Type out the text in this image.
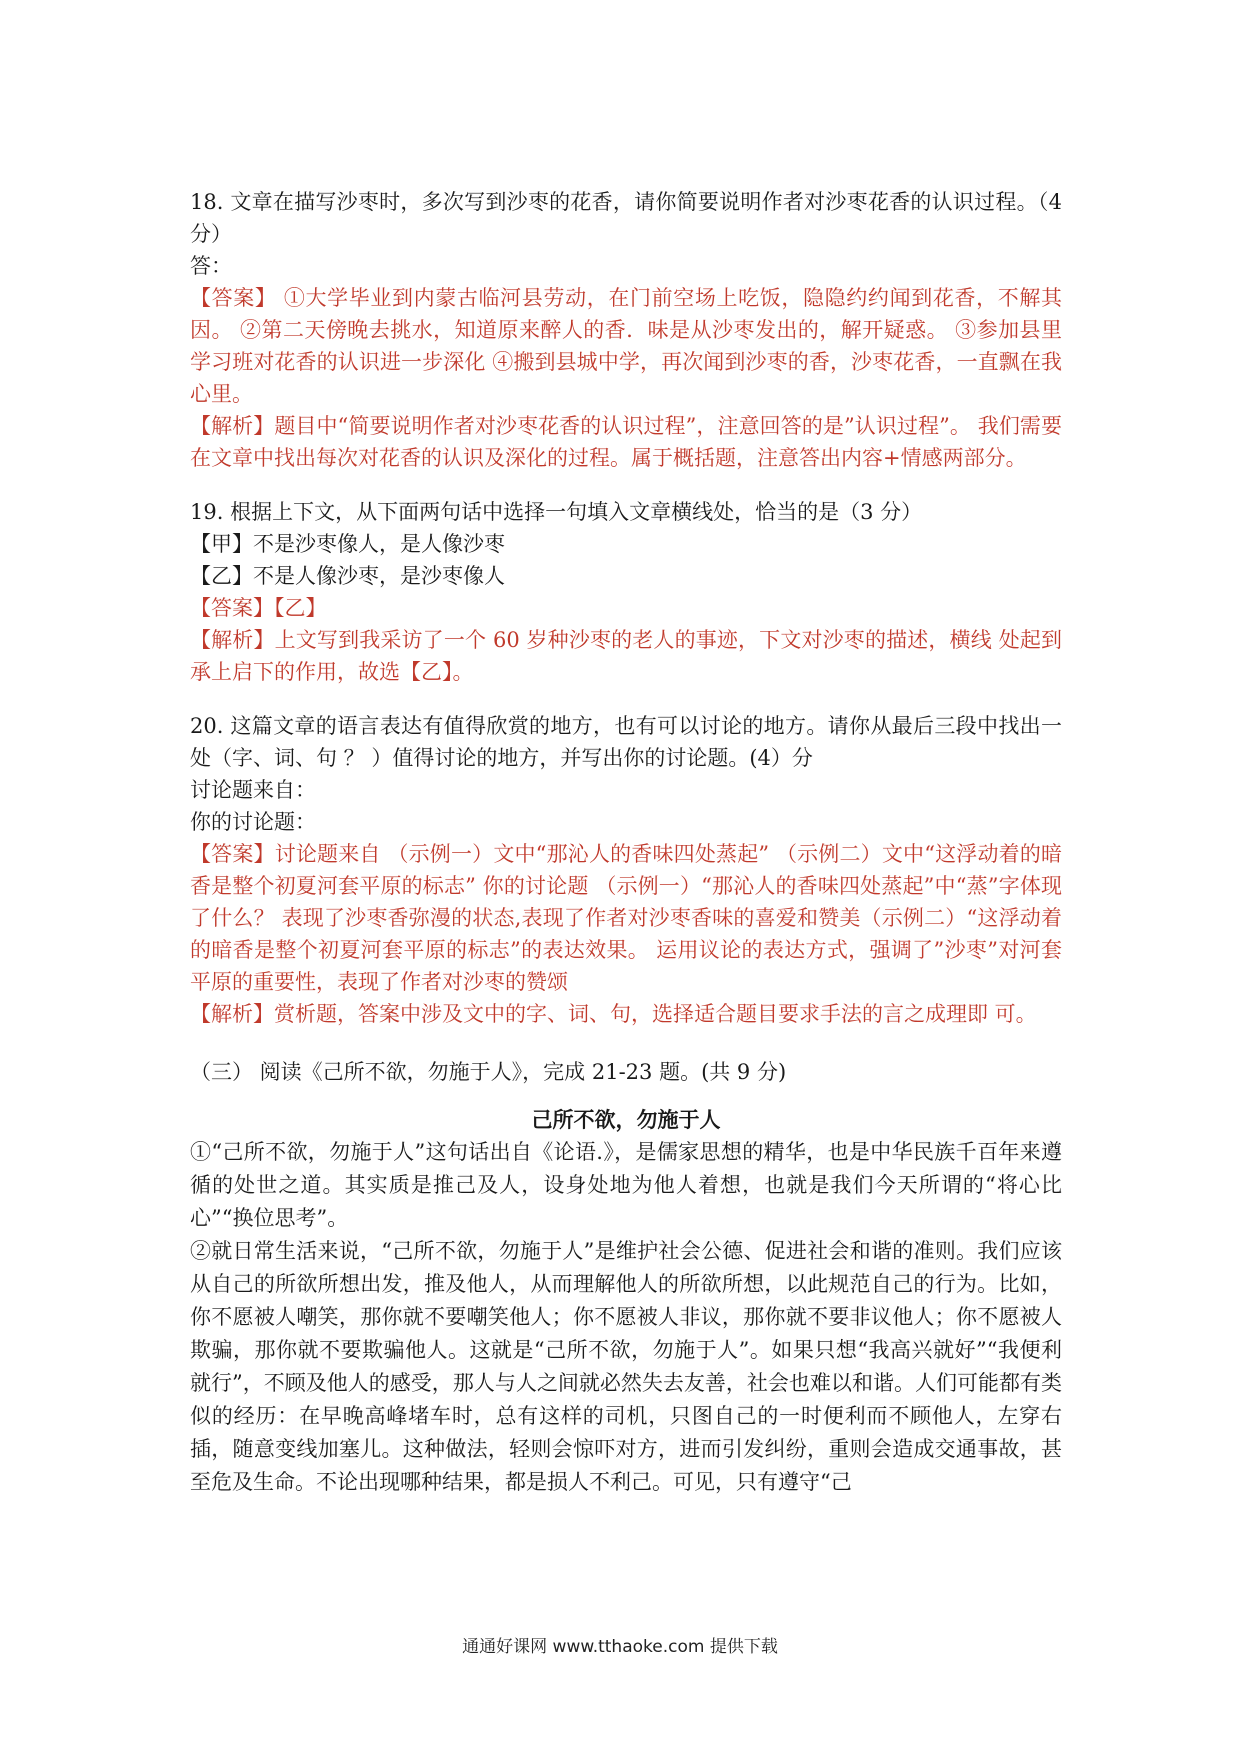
18. 文章在描写沙枣时，多次写到沙枣的花香，请你简要说明作者对沙枣花香的认识过程。（4 分）

答：

【答案】 ①大学毕业到内蒙古临河县劳动，在门前空场上吃饭，隐隐约约闻到花香，不解其因。 ②第二天傍晚去挑水，知道原来醉人的香．味是从沙枣发出的，解开疑惑。 ③参加县里学习班对花香的认识进一步深化 ④搬到县城中学，再次闻到沙枣的香，沙枣花香，一直飘在我心里。

【解析】题目中“简要说明作者对沙枣花香的认识过程”，注意回答的是”认识过程”。 我们需要在文章中找出每次对花香的认识及深化的过程。属于概括题，注意答出内容+情感两部分。

19. 根据上下文，从下面两句话中选择一句填入文章横线处，恰当的是（3 分）

【甲】不是沙枣像人，是人像沙枣

【乙】不是人像沙枣，是沙枣像人

【答案】【乙】

【解析】上文写到我采访了一个 60 岁种沙枣的老人的事迹，下文对沙枣的描述，横线 处起到承上启下的作用，故选【乙】。

20. 这篇文章的语言表达有值得欣赏的地方，也有可以讨论的地方。请你从最后三段中找出一处（字、词、句 ？ ）值得讨论的地方，并写出你的讨论题。(4）分

讨论题来自：

你的讨论题：

【答案】讨论题来自 （示例一）文中“那沁人的香味四处蒸起” （示例二）文中“这浮动着的暗香是整个初夏河套平原的标志” 你的讨论题 （示例一）“那沁人的香味四处蒸起”中“蒸”字体现了什么？ 表现了沙枣香弥漫的状态,表现了作者对沙枣香味的喜爱和赞美（示例二）“这浮动着的暗香是整个初夏河套平原的标志”的表达效果。 运用议论的表达方式，强调了”沙枣”对河套平原的重要性，表现了作者对沙枣的赞颂

【解析】赏析题，答案中涉及文中的字、词、句，选择适合题目要求手法的言之成理即 可。

（三） 阅读《己所不欲，勿施于人》，完成 21-23 题。(共 9 分)

己所不欲，勿施于人

①“己所不欲，勿施于人”这句话出自《论语.》，是儒家思想的精华，也是中华民族千百年来遵循的处世之道。其实质是推己及人，设身处地为他人着想，也就是我们今天所谓的“将心比心”“换位思考”。

②就日常生活来说，“己所不欲，勿施于人”是维护社会公德、促进社会和谐的准则。我们应该从自己的所欲所想出发，推及他人，从而理解他人的所欲所想，以此规范自己的行为。比如，你不愿被人嘲笑，那你就不要嘲笑他人；你不愿被人非议，那你就不要非议他人；你不愿被人欺骗，那你就不要欺骗他人。这就是“己所不欲，勿施于人”。如果只想“我高兴就好”“我便利就行”，不顾及他人的感受，那人与人之间就必然失去友善，社会也难以和谐。人们可能都有类似的经历：在早晚高峰堵车时，总有这样的司机，只图自己的一时便利而不顾他人，左穿右插，随意变线加塞儿。这种做法，轻则会惊吓对方，进而引发纠纷，重则会造成交通事故，甚至危及生命。不论出现哪种结果，都是损人不利己。可见，只有遵守“己

通通好课网 www.tthaoke.com 提供下载
